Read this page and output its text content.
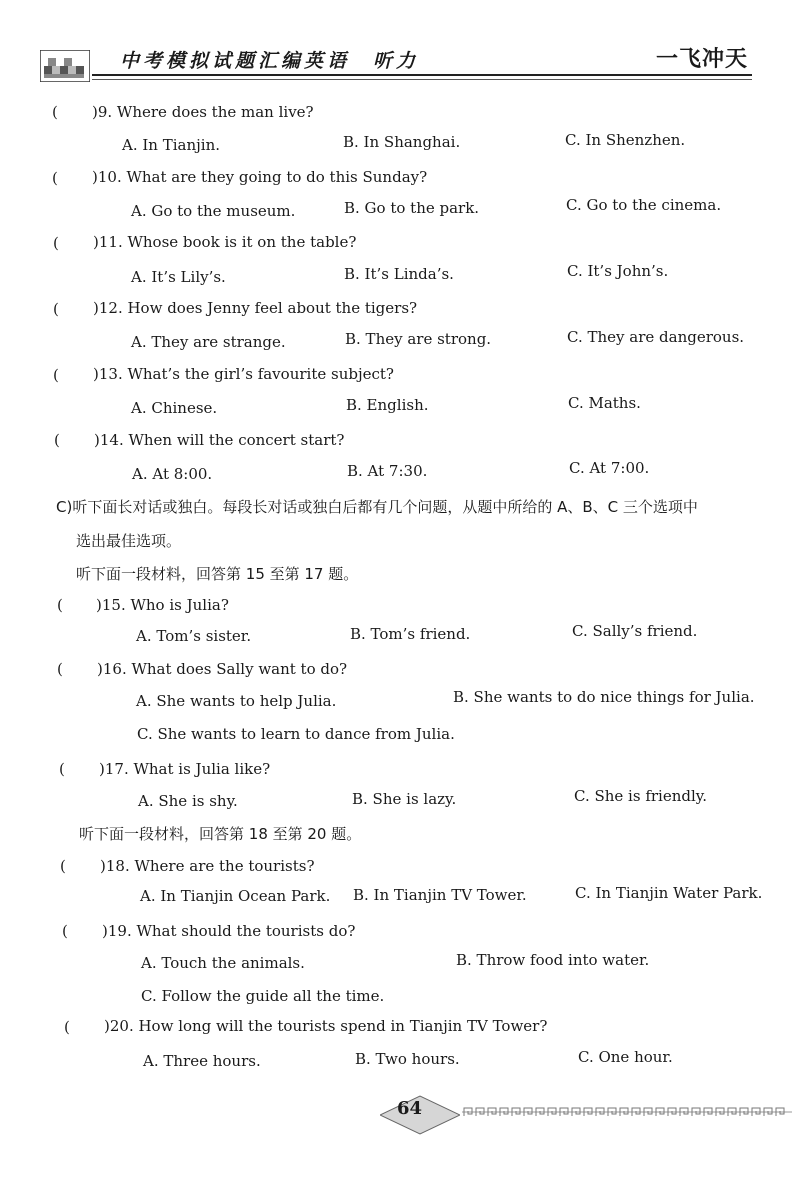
中考模拟试题汇编英语　听力	一飞冲天
( )9. Where does the man live?
A. In Tianjin.	B. In Shanghai.	C. In Shenzhen.
( )10. What are they going to do this Sunday?
A. Go to the museum.	B. Go to the park.	C. Go to the cinema.
( )11. Whose book is it on the table?
A. It’s Lily’s.	B. It’s Linda’s.	C. It’s John’s.
( )12. How does Jenny feel about the tigers?
A. They are strange.	B. They are strong.	C. They are dangerous.
( )13. What’s the girl’s favourite subject?
A. Chinese.	B. English.	C. Maths.
( )14. When will the concert start?
A. At 8:00.	B. At 7:30.	C. At 7:00.
C)听下面长对话或独白。每段长对话或独白后都有几个问题，从题中所给的 A、B、C 三个选项中
选出最佳选项。
听下面一段材料，回答第 15 至第 17 题。
( )15. Who is Julia?
A. Tom’s sister.	B. Tom’s friend.	C. Sally’s friend.
( )16. What does Sally want to do?
A. She wants to help Julia.	B. She wants to do nice things for Julia.
C. She wants to learn to dance from Julia.
( )17. What is Julia like?
A. She is shy.	B. She is lazy.	C. She is friendly.
听下面一段材料，回答第 18 至第 20 题。
( )18. Where are the tourists?
A. In Tianjin Ocean Park. B. In Tianjin TV Tower.	C. In Tianjin Water Park.
( )19. What should the tourists do?
A. Touch the animals.	B. Throw food into water.
C. Follow the guide all the time.
( )20. How long will the tourists spend in Tianjin TV Tower?
A. Three hours.	B. Two hours.	C. One hour.
64
